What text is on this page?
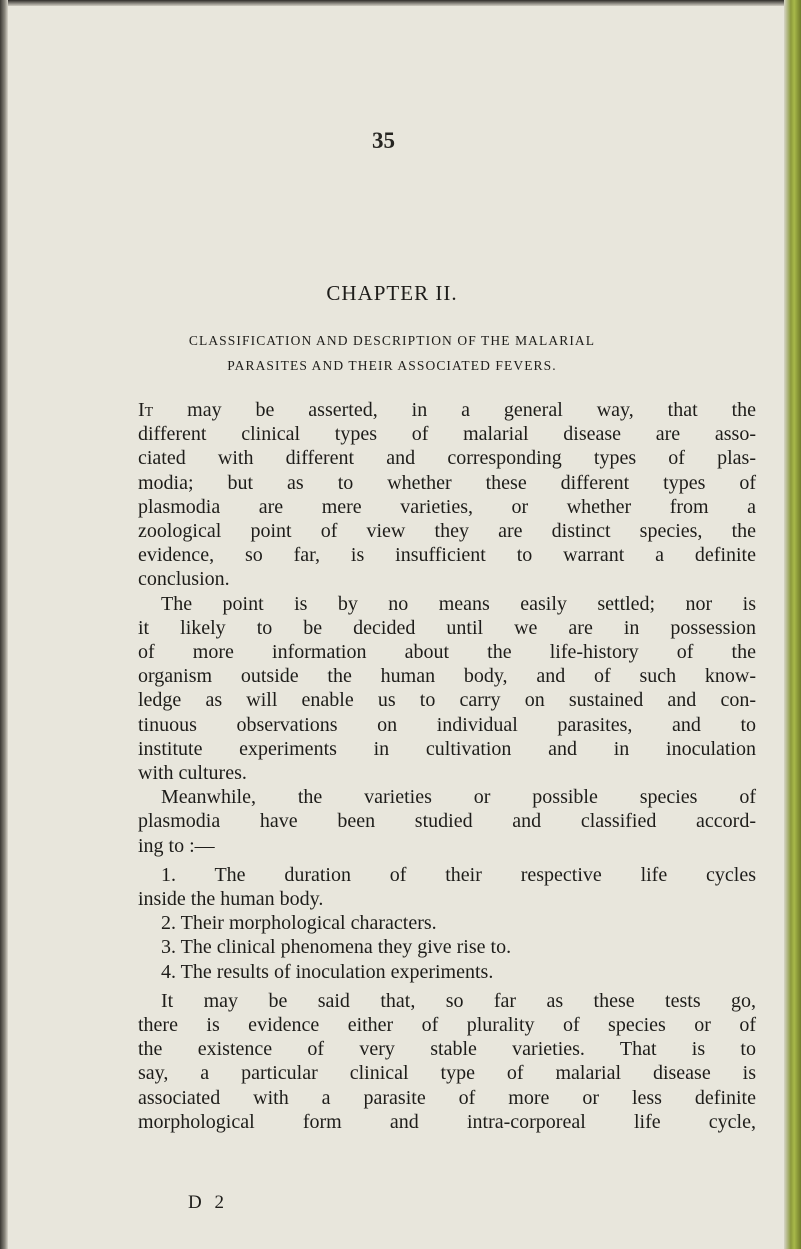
35
CHAPTER II.
CLASSIFICATION AND DESCRIPTION OF THE MALARIAL
PARASITES AND THEIR ASSOCIATED FEVERS.
It may be asserted, in a general way, that the
different clinical types of malarial disease are asso-
ciated with different and corresponding types of plas-
modia; but as to whether these different types of
plasmodia are mere varieties, or whether from a
zoological point of view they are distinct species, the
evidence, so far, is insufficient to warrant a definite
conclusion.
The point is by no means easily settled; nor is
it likely to be decided until we are in possession
of more information about the life-history of the
organism outside the human body, and of such know-
ledge as will enable us to carry on sustained and con-
tinuous observations on individual parasites, and to
institute experiments in cultivation and in inoculation
with cultures.
Meanwhile, the varieties or possible species of
plasmodia have been studied and classified accord-
ing to :—
1. The duration of their respective life cycles
inside the human body.
2. Their morphological characters.
3. The clinical phenomena they give rise to.
4. The results of inoculation experiments.
It may be said that, so far as these tests go,
there is evidence either of plurality of species or of
the existence of very stable varieties. That is to
say, a particular clinical type of malarial disease is
associated with a parasite of more or less definite
morphological form and intra-corporeal life cycle,
D 2
